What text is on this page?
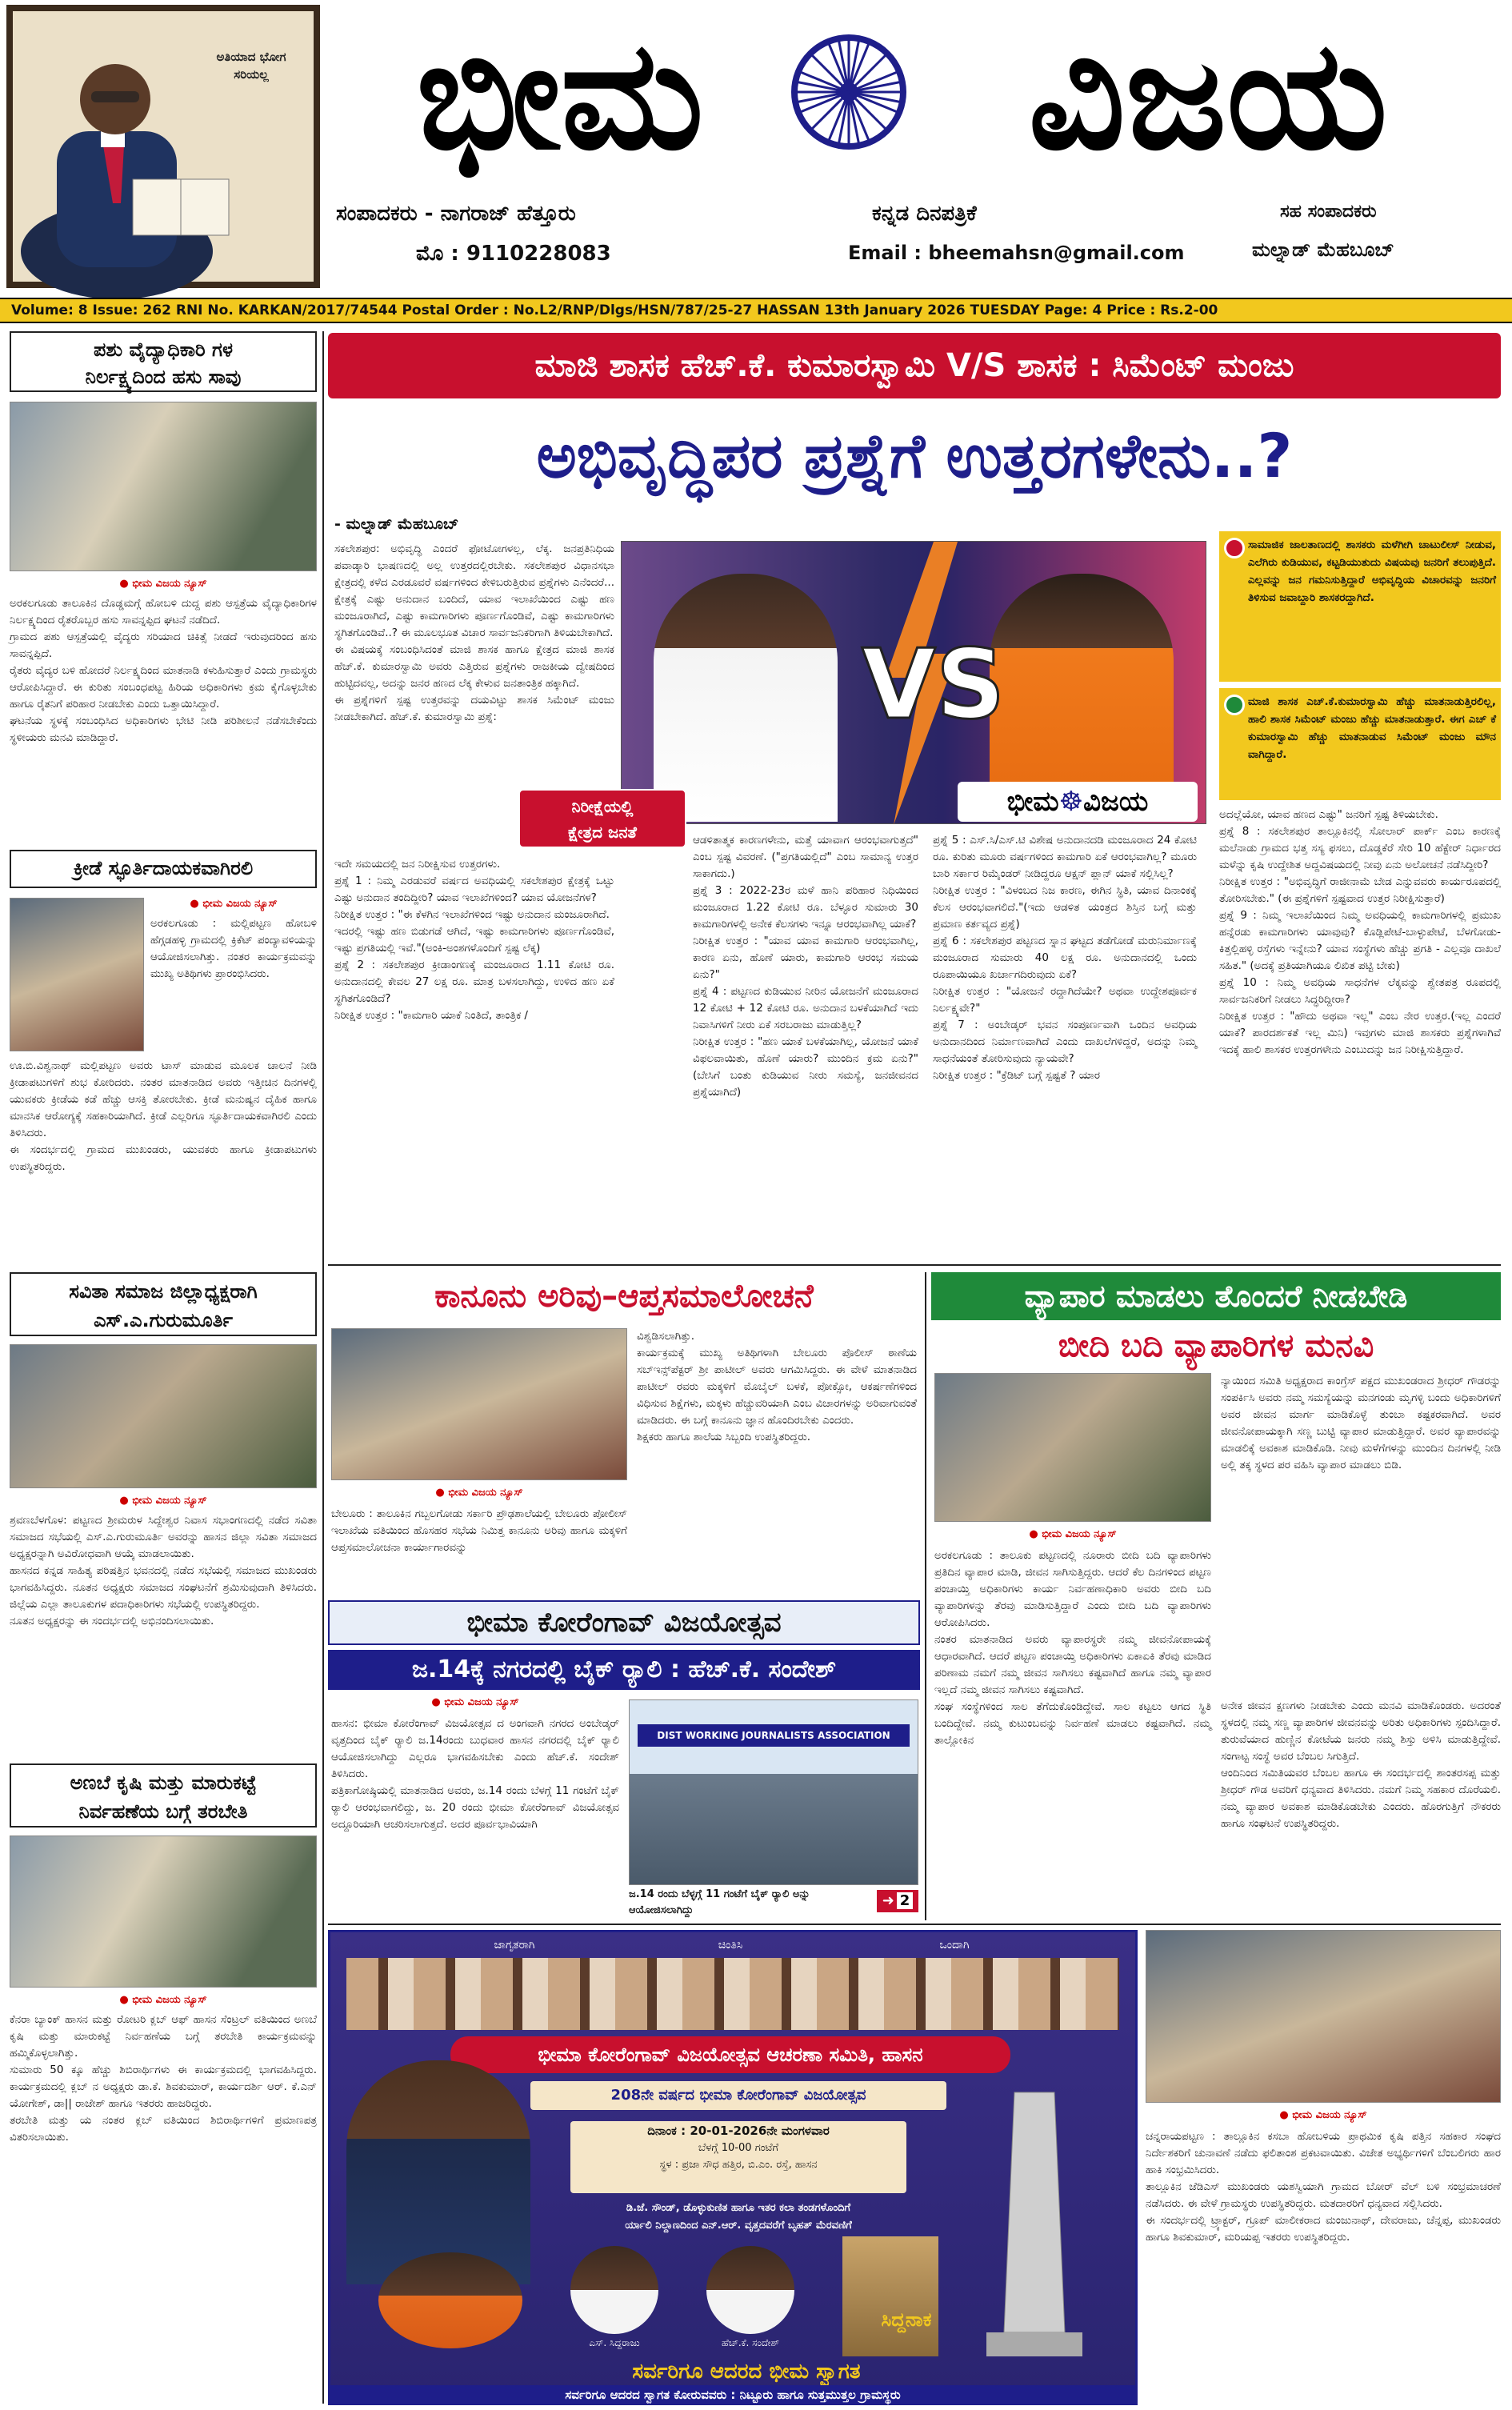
ಅತಿಯಾದ ಭೋಗ
ಸರಿಯಲ್ಲ ಭೀಮ	ವಿಜಯ
ಸಂಪಾದಕರು - ನಾಗರಾಜ್ ಹೆತ್ತೂರು
ಮೊ : 9110228083
ಕನ್ನಡ ದಿನಪತ್ರಿಕೆ
Email : bheemahsn@gmail.com
ಸಹ ಸಂಪಾದಕರು
ಮಲ್ನಾಡ್ ಮೆಹಬೂಬ್
Volume: 8 Issue: 262 RNI No. KARKAN/2017/74544 Postal Order : No.L2/RNP/Dlgs/HSN/787/25-27 HASSAN 13th January 2026 TUESDAY Page: 4 Price : Rs.2-00
ಪಶು ವೈದ್ಯಾಧಿಕಾರಿ ಗಳ
ನಿರ್ಲಕ್ಷ್ಯದಿಂದ ಹಸು ಸಾವು
● ಭೀಮ ವಿಜಯ ನ್ಯೂಸ್
ಅರಕಲಗೂಡು ತಾಲೂಕಿನ ದೊಡ್ಡಮಗ್ಗೆ ಹೋಬಳಿ ದುದ್ದ ಪಶು ಆಸ್ಪತ್ರೆಯ ವೈದ್ಯಾಧಿಕಾರಿಗಳ ನಿರ್ಲಕ್ಷ್ಯದಿಂದ ರೈತರೊಬ್ಬರ ಹಸು ಸಾವನ್ನಪ್ಪಿದ ಘಟನೆ ನಡೆದಿದೆ.
ಗ್ರಾಮದ ಪಶು ಆಸ್ಪತ್ರೆಯಲ್ಲಿ ವೈದ್ಯರು ಸರಿಯಾದ ಚಿಕಿತ್ಸೆ ನೀಡದೆ ಇರುವುದರಿಂದ ಹಸು ಸಾವನ್ನಪ್ಪಿದೆ.
ರೈತರು ವೈದ್ಯರ ಬಳಿ ಹೋದರೆ ನಿರ್ಲಕ್ಷ್ಯದಿಂದ ಮಾತನಾಡಿ ಕಳುಹಿಸುತ್ತಾರೆ ಎಂದು ಗ್ರಾಮಸ್ಥರು ಆರೋಪಿಸಿದ್ದಾರೆ. ಈ ಕುರಿತು ಸಂಬಂಧಪಟ್ಟ ಹಿರಿಯ ಅಧಿಕಾರಿಗಳು ಕ್ರಮ ಕೈಗೊಳ್ಳಬೇಕು ಹಾಗೂ ರೈತನಿಗೆ ಪರಿಹಾರ ನೀಡಬೇಕು ಎಂದು ಒತ್ತಾಯಿಸಿದ್ದಾರೆ.
ಘಟನೆಯ ಸ್ಥಳಕ್ಕೆ ಸಂಬಂಧಿಸಿದ ಅಧಿಕಾರಿಗಳು ಭೇಟಿ ನೀಡಿ ಪರಿಶೀಲನೆ ನಡೆಸಬೇಕೆಂದು ಸ್ಥಳೀಯರು ಮನವಿ ಮಾಡಿದ್ದಾರೆ.
ಕ್ರೀಡೆ ಸ್ಫೂರ್ತಿದಾಯಕವಾಗಿರಲಿ
● ಭೀಮ ವಿಜಯ ನ್ಯೂಸ್
ಅರಕಲಗೂಡು : ಮಲ್ಲಿಪಟ್ಟಣ ಹೋಬಳಿ ಹೆಗ್ಗಡಹಳ್ಳಿ ಗ್ರಾಮದಲ್ಲಿ ಕ್ರಿಕೆಟ್ ಪಂದ್ಯಾವಳಿಯನ್ನು ಆಯೋಜಿಸಲಾಗಿತ್ತು. ನಂತರ ಕಾರ್ಯಕ್ರಮವನ್ನು ಮುಖ್ಯ ಅತಿಥಿಗಳು ಪ್ರಾರಂಭಿಸಿದರು.
ಊ.ಬಿ.ವಿಶ್ವನಾಥ್ ಮಲ್ಲಿಪಟ್ಟಣ ಅವರು ಟಾಸ್ ಮಾಡುವ ಮೂಲಕ ಚಾಲನೆ ನೀಡಿ ಕ್ರೀಡಾಪಟುಗಳಿಗೆ ಶುಭ ಕೋರಿದರು. ನಂತರ ಮಾತನಾಡಿದ ಅವರು ಇತ್ತೀಚಿನ ದಿನಗಳಲ್ಲಿ ಯುವಕರು ಕ್ರೀಡೆಯ ಕಡೆ ಹೆಚ್ಚು ಆಸಕ್ತಿ ತೋರಬೇಕು. ಕ್ರೀಡೆ ಮನುಷ್ಯನ ದೈಹಿಕ ಹಾಗೂ ಮಾನಸಿಕ ಆರೋಗ್ಯಕ್ಕೆ ಸಹಕಾರಿಯಾಗಿದೆ. ಕ್ರೀಡೆ ಎಲ್ಲರಿಗೂ ಸ್ಫೂರ್ತಿದಾಯಕವಾಗಿರಲಿ ಎಂದು ತಿಳಿಸಿದರು.
ಈ ಸಂದರ್ಭದಲ್ಲಿ ಗ್ರಾಮದ ಮುಖಂಡರು, ಯುವಕರು ಹಾಗೂ ಕ್ರೀಡಾಪಟುಗಳು ಉಪಸ್ಥಿತರಿದ್ದರು.
ಸವಿತಾ ಸಮಾಜ ಜಿಲ್ಲಾಧ್ಯಕ್ಷರಾಗಿ
ಎಸ್.ಎ.ಗುರುಮೂರ್ತಿ
● ಭೀಮ ವಿಜಯ ನ್ಯೂಸ್
ಶ್ರವಣಬೆಳಗೊಳ: ಪಟ್ಟಣದ ಶ್ರೀಮರುಳ ಸಿದ್ದೇಶ್ವರ ನಿವಾಸ ಸಭಾಂಗಣದಲ್ಲಿ ನಡೆದ ಸವಿತಾ ಸಮಾಜದ ಸಭೆಯಲ್ಲಿ ಎಸ್.ಎ.ಗುರುಮೂರ್ತಿ ಅವರನ್ನು ಹಾಸನ ಜಿಲ್ಲಾ ಸವಿತಾ ಸಮಾಜದ ಅಧ್ಯಕ್ಷರನ್ನಾಗಿ ಅವಿರೋಧವಾಗಿ ಆಯ್ಕೆ ಮಾಡಲಾಯಿತು.
ಹಾಸನದ ಕನ್ನಡ ಸಾಹಿತ್ಯ ಪರಿಷತ್ತಿನ ಭವನದಲ್ಲಿ ನಡೆದ ಸಭೆಯಲ್ಲಿ ಸಮಾಜದ ಮುಖಂಡರು ಭಾಗವಹಿಸಿದ್ದರು. ನೂತನ ಅಧ್ಯಕ್ಷರು ಸಮಾಜದ ಸಂಘಟನೆಗೆ ಶ್ರಮಿಸುವುದಾಗಿ ತಿಳಿಸಿದರು. ಜಿಲ್ಲೆಯ ಎಲ್ಲಾ ತಾಲೂಕುಗಳ ಪದಾಧಿಕಾರಿಗಳು ಸಭೆಯಲ್ಲಿ ಉಪಸ್ಥಿತರಿದ್ದರು.
ನೂತನ ಅಧ್ಯಕ್ಷರನ್ನು ಈ ಸಂದರ್ಭದಲ್ಲಿ ಅಭಿನಂದಿಸಲಾಯಿತು.
ಅಣಬೆ ಕೃಷಿ ಮತ್ತು ಮಾರುಕಟ್ಟೆ
ನಿರ್ವಹಣೆಯ ಬಗ್ಗೆ ತರಬೇತಿ
● ಭೀಮ ವಿಜಯ ನ್ಯೂಸ್
ಕೆನರಾ ಬ್ಯಾಂಕ್ ಹಾಸನ ಮತ್ತು ರೋಟರಿ ಕ್ಲಬ್ ಆಫ್ ಹಾಸನ ಸೆಂಟ್ರಲ್ ವತಿಯಿಂದ ಅಣಬೆ ಕೃಷಿ ಮತ್ತು ಮಾರುಕಟ್ಟೆ ನಿರ್ವಹಣೆಯ ಬಗ್ಗೆ ತರಬೇತಿ ಕಾರ್ಯಕ್ರಮವನ್ನು ಹಮ್ಮಿಕೊಳ್ಳಲಾಗಿತ್ತು.
ಸುಮಾರು 50 ಕ್ಕೂ ಹೆಚ್ಚು ಶಿಬಿರಾರ್ಥಿಗಳು ಈ ಕಾರ್ಯಕ್ರಮದಲ್ಲಿ ಭಾಗವಹಿಸಿದ್ದರು. ಕಾರ್ಯಕ್ರಮದಲ್ಲಿ ಕ್ಲಬ್ ನ ಅಧ್ಯಕ್ಷರು ಡಾ.ಕೆ. ಶಿವಕುಮಾರ್, ಕಾರ್ಯದರ್ಶಿ ಆರ್. ಕೆ.ಎನ್ ಯೋಗೇಶ್, ಡಾ|| ರಾಜೇಶ್ ಹಾಗೂ ಇತರರು ಹಾಜರಿದ್ದರು.
ತರಬೇತಿ ಮತ್ತು ಯ ನಂತರ ಕ್ಲಬ್ ವತಿಯಿಂದ ಶಿಬಿರಾರ್ಥಿಗಳಿಗೆ ಪ್ರಮಾಣಪತ್ರ ವಿತರಿಸಲಾಯಿತು.
ಮಾಜಿ ಶಾಸಕ ಹೆಚ್.ಕೆ. ಕುಮಾರಸ್ವಾಮಿ V/S ಶಾಸಕ : ಸಿಮೆಂಟ್ ಮಂಜು
ಅಭಿವೃದ್ಧಿಪರ ಪ್ರಶ್ನೆಗೆ ಉತ್ತರಗಳೇನು..?
- ಮಲ್ನಾಡ್ ಮೆಹಬೂಬ್
ಸಕಲೇಶಪುರ: ಅಭಿವೃದ್ಧಿ ಎಂದರೆ ಫೋಟೋಗಳಲ್ಲ, ಲೆಕ್ಕ. ಜನಪ್ರತಿನಿಧಿಯ ಪವಾಡ್ಕಾರಿ ಭಾಷಣದಲ್ಲಿ ಅಲ್ಲ ಉತ್ತರದಲ್ಲಿರಬೇಕು. ಸಕಲೇಶಪುರ ವಿಧಾನಸಭಾ ಕ್ಷೇತ್ರದಲ್ಲಿ ಕಳೆದ ಎರಡೂವರೆ ವರ್ಷಗಳಿಂದ ಕೇಳಿಬರುತ್ತಿರುವ ಪ್ರಶ್ನೆಗಳು ಎನೆಂದರೆ... ಕ್ಷೇತ್ರಕ್ಕೆ ಎಷ್ಟು ಅನುದಾನ ಬಂದಿದೆ, ಯಾವ ಇಲಾಖೆಯಿಂದ ಎಷ್ಟು ಹಣ ಮಂಜೂರಾಗಿದೆ, ಎಷ್ಟು ಕಾಮಗಾರಿಗಳು ಪೂರ್ಣಗೊಂಡಿವೆ, ಎಷ್ಟು ಕಾಮಗಾರಿಗಳು ಸ್ಥಗಿತಗೊಂಡಿವೆ..? ಈ ಮೂಲಭೂತ ವಿಚಾರ ಸಾರ್ವಜನಿಕರಿಗಾಗಿ ತಿಳಿಯಬೇಕಾಗಿದೆ.
ಈ ವಿಷಯಕ್ಕೆ ಸಂಬಂಧಿಸಿದಂತೆ ಮಾಜಿ ಶಾಸಕ ಹಾಗೂ ಕ್ಷೇತ್ರದ ಮಾಜಿ ಶಾಸಕ ಹೆಚ್.ಕೆ. ಕುಮಾರಸ್ವಾಮಿ ಅವರು ಎತ್ತಿರುವ ಪ್ರಶ್ನೆಗಳು ರಾಜಕೀಯ ದ್ವೇಷದಿಂದ ಹುಟ್ಟಿದವಲ್ಲ, ಅದನ್ನು ಜನರ ಹಣದ ಲೆಕ್ಕ ಕೇಳುವ ಜನತಾಂತ್ರಿಕ ಹಕ್ಕಾಗಿದೆ.
ಈ ಪ್ರಶ್ನೆಗಳಿಗೆ ಸ್ಪಷ್ಟ ಉತ್ತರವನ್ನು ದಯವಿಟ್ಟು ಶಾಸಕ ಸಿಮೆಂಟ್ ಮಂಜು ನೀಡಬೇಕಾಗಿದೆ. ಹೆಚ್.ಕೆ. ಕುಮಾರಸ್ವಾಮಿ ಪ್ರಶ್ನೆ:	VS
ಭೀಮ☸ವಿಜಯ
ನಿರೀಕ್ಷೆಯಲ್ಲಿ
ಕ್ಷೇತ್ರದ ಜನತೆ
ಇದೇ ಸಮಯದಲ್ಲಿ ಜನ ನಿರೀಕ್ಷಿಸುವ ಉತ್ತರಗಳು.
ಪ್ರಶ್ನೆ 1 : ನಿಮ್ಮ ಎರಡುವರೆ ವರ್ಷದ ಅವಧಿಯಲ್ಲಿ ಸಕಲೇಶಪುರ ಕ್ಷೇತ್ರಕ್ಕೆ ಒಟ್ಟು ಎಷ್ಟು ಅನುದಾನ ತಂದಿದ್ದೀರಿ? ಯಾವ ಇಲಾಖೆಗಳಿಂದ? ಯಾವ ಯೋಜನೆಗಳ?
ನಿರೀಕ್ಷಿತ ಉತ್ತರ : "ಈ ಕೆಳಗಿನ ಇಲಾಖೆಗಳಿಂದ ಇಷ್ಟು ಅನುದಾನ ಮಂಜೂರಾಗಿದೆ.
ಇದರಲ್ಲಿ ಇಷ್ಟು ಹಣ ಬಿಡುಗಡೆ ಆಗಿದೆ, ಇಷ್ಟು ಕಾಮಗಾರಿಗಳು ಪೂರ್ಣಗೊಂಡಿವೆ, ಇಷ್ಟು ಪ್ರಗತಿಯಲ್ಲಿ ಇವೆ."(ಅಂಕಿ-ಅಂಶಗಳೊಂದಿಗೆ ಸ್ಪಷ್ಟ ಲೆಕ್ಕ)
ಪ್ರಶ್ನೆ 2 : ಸಕಲೇಶಪುರ ಕ್ರೀಡಾಂಗಣಕ್ಕೆ ಮಂಜೂರಾದ 1.11 ಕೋಟಿ ರೂ. ಅನುದಾನದಲ್ಲಿ ಕೇವಲ 27 ಲಕ್ಷ ರೂ. ಮಾತ್ರ ಬಳಸಲಾಗಿದ್ದು, ಉಳಿದ ಹಣ ಏಕೆ ಸ್ಥಗಿತಗೊಂಡಿದೆ?
ನಿರೀಕ್ಷಿತ ಉತ್ತರ : "ಕಾಮಗಾರಿ ಯಾಕೆ ನಿಂತಿದೆ, ತಾಂತ್ರಿಕ /
ಆಡಳಿತಾತ್ಮಕ ಕಾರಣಗಳೇನು, ಮತ್ತೆ ಯಾವಾಗ ಆರಂಭವಾಗುತ್ತದೆ" ಎಂಬ ಸ್ಪಷ್ಟ ವಿವರಣೆ. ("ಪ್ರಗತಿಯಲ್ಲಿದೆ" ಎಂಬ ಸಾಮಾನ್ಯ ಉತ್ತರ ಸಾಕಾಗದು.)
ಪ್ರಶ್ನೆ 3 : 2022-23ರ ಮಳೆ ಹಾನಿ ಪರಿಹಾರ ನಿಧಿಯಿಂದ ಮಂಜೂರಾದ 1.22 ಕೋಟಿ ರೂ. ಬೆಳ್ಳೂರ ಸುಮಾರು 30 ಕಾಮಗಾರಿಗಳಲ್ಲಿ ಅನೇಕ ಕೆಲಸಗಳು ಇನ್ನೂ ಆರಂಭವಾಗಿಲ್ಲ ಯಾಕೆ?
ನಿರೀಕ್ಷಿತ ಉತ್ತರ : "ಯಾವ ಯಾವ ಕಾಮಗಾರಿ ಆರಂಭವಾಗಿಲ್ಲ, ಕಾರಣ ಏನು, ಹೊಣೆ ಯಾರು, ಕಾಮಗಾರಿ ಆರಂಭ ಸಮಯ ಏನು?"
ಪ್ರಶ್ನೆ 4 : ಪಟ್ಟಣದ ಕುಡಿಯುವ ನೀರಿನ ಯೋಜನೆಗೆ ಮಂಜೂರಾದ 12 ಕೋಟಿ + 12 ಕೋಟಿ ರೂ. ಅನುದಾನ ಬಳಕೆಯಾಗಿದೆ ಇದು ನಿವಾಸಿಗಳಿಗೆ ನೀರು ಏಕೆ ಸರಬರಾಜು ಮಾಡುತ್ತಿಲ್ಲ?
ನಿರೀಕ್ಷಿತ ಉತ್ತರ : "ಹಣ ಯಾಕೆ ಬಳಕೆಯಾಗಿಲ್ಲ, ಯೋಜನೆ ಯಾಕೆ ವಿಫಲವಾಯಿತು, ಹೊಣೆ ಯಾರು? ಮುಂದಿನ ಕ್ರಮ ಏನು?" (ಬೇಸಿಗೆ ಬಂತು ಕುಡಿಯುವ ನೀರು ಸಮಸ್ಯೆ, ಜನಜೀವನದ ಪ್ರಶ್ನೆಯಾಗಿದೆ)
ಪ್ರಶ್ನೆ 5 : ಎಸ್.ಸಿ/ಎಸ್.ಟಿ ವಿಶೇಷ ಅನುದಾನದಡಿ ಮಂಜೂರಾದ 24 ಕೋಟಿ ರೂ. ಕುರಿತು ಮೂರು ವರ್ಷಗಳಿಂದ ಕಾಮಗಾರಿ ಏಕೆ ಆರಂಭವಾಗಿಲ್ಲ? ಮೂರು ಬಾರಿ ಸರ್ಕಾರ ರಿಮೈಂಡರ್ ನೀಡಿದ್ದರೂ ಆಕ್ಷನ್ ಪ್ಲಾನ್ ಯಾಕೆ ಸಲ್ಲಿಸಿಲ್ಲ?
ನಿರೀಕ್ಷಿತ ಉತ್ತರ : "ವಿಳಂಬದ ನಿಜ ಕಾರಣ, ಈಗಿನ ಸ್ಥಿತಿ, ಯಾವ ದಿನಾಂಕಕ್ಕೆ ಕೆಲಸ ಆರಂಭವಾಗಲಿದೆ."(ಇದು ಆಡಳಿತ ಯಂತ್ರದ ಶಿಸ್ತಿನ ಬಗ್ಗೆ ಮತ್ತು ಪ್ರಮಾಣ ಕರ್ತವ್ಯದ ಪ್ರಶ್ನೆ)
ಪ್ರಶ್ನೆ 6 : ಸಕಲೇಶಪುರ ಪಟ್ಟಣದ ಸ್ನಾನ ಘಟ್ಟದ ತಡೆಗೋಡೆ ಮರುನಿರ್ಮಾಣಕ್ಕೆ ಮಂಜೂರಾದ ಸುಮಾರು 40 ಲಕ್ಷ ರೂ. ಅನುದಾನದಲ್ಲಿ ಒಂದು ರೂಪಾಯಿಯೂ ಖರ್ಚಾಗದಿರುವುದು ಏಕೆ?
ನಿರೀಕ್ಷಿತ ಉತ್ತರ : "ಯೋಜನೆ ರದ್ದಾಗಿದೆಯೇ? ಅಥವಾ ಉದ್ದೇಶಪೂರ್ವಕ ನಿರ್ಲಕ್ಷ್ಯವೇ?"
ಪ್ರಶ್ನೆ 7 : ಅಂಬೇಡ್ಕರ್ ಭವನ ಸಂಪೂರ್ಣವಾಗಿ ಒಂದಿನ ಅವಧಿಯ ಅನುದಾನದಿಂದ ನಿರ್ಮಾಣವಾಗಿದೆ ಎಂದು ದಾಖಲೆಗಳಿದ್ದರೆ, ಅದನ್ನು ನಿಮ್ಮ ಸಾಧನೆಯಂತೆ ತೋರಿಸುವುದು ನ್ಯಾಯವೇ?
ನಿರೀಕ್ಷಿತ ಉತ್ತರ : "ಕ್ರೆಡಿಟ್ ಬಗ್ಗೆ ಸ್ಪಷ್ಟತೆ ? ಯಾರ
ಸಾಮಾಜಿಕ ಜಾಲತಾಣದಲ್ಲಿ ಶಾಸಕರು ಮಳೆಗೀಗಿ ಚಾಟುಲೀಸ್ ನೀಡುವ, ಎಲೆಗಿರು ಕುಡಿಯುವ, ಕಟ್ಟಡಿಯುತುದು ವಿಷಯವು ಜನರಿಗೆ ತಲುಪುತ್ತಿದೆ. ಎಲ್ಲವನ್ನು ಜನ ಗಮನಿಸುತ್ತಿದ್ದಾರೆ ಅಭಿವೃದ್ಧಿಯ ವಿಚಾರವನ್ನು ಜನರಿಗೆ ತಿಳಿಸುವ ಜವಾಬ್ದಾರಿ ಶಾಸಕರದ್ದಾಗಿದೆ.
ಮಾಜಿ ಶಾಸಕ ಎಚ್.ಕೆ.ಕುಮಾರಸ್ವಾಮಿ ಹೆಚ್ಚು ಮಾತನಾಡುತ್ತಿರಲಿಲ್ಲ, ಹಾಲಿ ಶಾಸಕ ಸಿಮೆಂಟ್ ಮಂಜು ಹೆಚ್ಚು ಮಾತನಾಡುತ್ತಾರೆ. ಈಗ ಎಚ್ ಕೆ ಕುಮಾರಸ್ವಾಮಿ ಹೆಚ್ಚು ಮಾತನಾಡುವ ಸಿಮೆಂಟ್ ಮಂಜು ಮೌನ ವಾಗಿದ್ದಾರೆ.
ಅದಲ್ಲೆಯೋ, ಯಾವ ಹಣದ ಎಷ್ಟು" ಜನರಿಗೆ ಸ್ಪಷ್ಟ ತಿಳಿಯಬೇಕು.
ಪ್ರಶ್ನೆ 8 : ಸಕಲೇಶಪುರ ತಾಲ್ಲೂಕಿನಲ್ಲಿ ಸೋಲಾರ್ ಪಾರ್ಕ್ ಎಂಬ ಕಾರಣಕ್ಕೆ ಮಲೆನಾಡು ಗ್ರಾಮದ ಭತ್ತ ಸಸ್ಯ ಫಸಲು, ದೊಡ್ಡಕೆರೆ ಸೇರಿ 10 ಹೆಕ್ಟೇರ್ ನಿರ್ಧಾರದ ಮಳೆನ್ನು ಕೃಷಿ ಉದ್ದೇಶಿತ ಅದ್ದವಿಷಯದಲ್ಲಿ ನೀವು ಏನು ಅಲೋಚನೆ ನಡೆಸಿದ್ದೀರಿ?
ನಿರೀಕ್ಷಿತ ಉತ್ತರ : "ಅಭಿವೃದ್ಧಿಗೆ ರಾಜೀನಾಮೆ ಬೇಡ ಎನ್ನುವವರು ಕಾರ್ಯರೂಪದಲ್ಲಿ ತೋರಿಸಬೇಕು." (ಈ ಪ್ರಶ್ನೆಗಳಿಗೆ ಸ್ಪಷ್ಟವಾದ ಉತ್ತರ ನಿರೀಕ್ಷಿಸುತ್ತಾರೆ)
ಪ್ರಶ್ನೆ 9 : ನಿಮ್ಮ ಇಲಾಖೆಯಿಂದ ನಿಮ್ಮ ಅವಧಿಯಲ್ಲಿ ಕಾಮಗಾರಿಗಳಲ್ಲಿ ಪ್ರಮುಖ ಹನ್ನೆರಡು ಕಾಮಗಾರಿಗಳು ಯಾವುವು? ಕೊಡ್ಲಿಪೇಟೆ-ಬಾಳ್ಳುಪೇಟೆ, ಬೆಳಗೋಡು-ಕಿತ್ತಲ್ಲಿಹಳ್ಳಿ ರಸ್ತೆಗಳು ಇನ್ನೇನು? ಯಾವ ಸಂಸ್ಥೆಗಳು ಹೆಚ್ಚು ಪ್ರಗತಿ - ಎಲ್ಲವೂ ದಾಖಲೆ ಸಹಿತ." (ಅದಕ್ಕೆ ಪ್ರತಿಯಾಗಿಯೂ ಲಿಖಿತ ಪಟ್ಟಿ ಬೇಕು)
ಪ್ರಶ್ನೆ 10 : ನಿಮ್ಮ ಅವಧಿಯ ಸಾಧನೆಗಳ ಲೆಕ್ಕವನ್ನು ಶ್ವೇತಪತ್ರ ರೂಪದಲ್ಲಿ ಸಾರ್ವಜನಿಕರಿಗೆ ನೀಡಲು ಸಿದ್ಧರಿದ್ದೀರಾ?
ನಿರೀಕ್ಷಿತ ಉತ್ತರ : "ಹೌದು ಅಥವಾ ಇಲ್ಲ" ಎಂಬ ನೇರ ಉತ್ತರ.(ಇಲ್ಲ ಎಂದರೆ ಯಾಕೆ? ಪಾರದರ್ಶಕತೆ ಇಲ್ಲ ಮಿನಿ) ಇವುಗಳು ಮಾಜಿ ಶಾಸಕರು ಪ್ರಶ್ನೆಗಳಾಗಿವೆ ಇದಕ್ಕೆ ಹಾಲಿ ಶಾಸಕರ ಉತ್ತರಗಳೇನು ಎಂಬುದನ್ನು ಜನ ನಿರೀಕ್ಷಿಸುತ್ತಿದ್ದಾರೆ.
ಕಾನೂನು ಅರಿವು–ಆಪ್ತಸಮಾಲೋಚನೆ
● ಭೀಮ ವಿಜಯ ನ್ಯೂಸ್
ಬೇಲೂರು : ತಾಲೂಕಿನ ಗಬ್ಬಲಗೋಡು ಸರ್ಕಾರಿ ಪ್ರೌಢಶಾಲೆಯಲ್ಲಿ ಬೇಲೂರು ಪೋಲೀಸ್ ಇಲಾಖೆಯ ವತಿಯಿಂದ ಹೊಸಹರ ಸಭೆಯ ನಿಮಿತ್ತ ಕಾನೂನು ಅರಿವು ಹಾಗೂ ಮಕ್ಕಳಿಗೆ ಆಪ್ತಸಮಾಲೋಚನಾ ಕಾರ್ಯಾಗಾರವನ್ನು
ವಿಶ್ವಡಿಸಲಾಗಿತ್ತು.
ಕಾರ್ಯಕ್ರಮಕ್ಕೆ ಮುಖ್ಯ ಅತಿಥಿಗಳಾಗಿ ಬೇಲೂರು ಪೊಲೀಸ್ ಠಾಣೆಯ ಸಬ್‌ಇನ್ಸ್‌ಪೆಕ್ಟರ್ ಶ್ರೀ ಪಾಟೀಲ್ ಅವರು ಆಗಮಿಸಿದ್ದರು. ಈ ವೇಳೆ ಮಾತನಾಡಿದ ಪಾಟೀಲ್ ರವರು ಮಕ್ಕಳಿಗೆ ಮೊಬೈಲ್ ಬಳಕೆ, ಪೋಕ್ಸೋ, ಆಕರ್ಷಣೆಗಳಿಂದ ವಿಧಿಸುವ ಶಿಕ್ಷೆಗಳು, ಮಕ್ಕಳು ಹೆಚ್ಚುವರಿಯಾಗಿ ಎಂಬ ವಿಚಾರಗಳನ್ನು ಅರಿವಾಗುವಂತೆ ಮಾಡಿದರು. ಈ ಬಗ್ಗೆ ಕಾನೂನು ಜ್ಞಾನ ಹೊಂದಿರಬೇಕು ಎಂದರು.
ಶಿಕ್ಷಕರು ಹಾಗೂ ಶಾಲೆಯ ಸಿಬ್ಬಂದಿ ಉಪಸ್ಥಿತರಿದ್ದರು.
ಭೀಮಾ ಕೋರೆಂಗಾವ್ ವಿಜಯೋತ್ಸವ
ಜ.14ಕ್ಕೆ ನಗರದಲ್ಲಿ ಬೈಕ್ ರ್‍ಯಾಲಿ : ಹೆಚ್.ಕೆ. ಸಂದೇಶ್
● ಭೀಮ ವಿಜಯ ನ್ಯೂಸ್
ಹಾಸನ: ಭೀಮಾ ಕೋರೆಂಗಾವ್ ವಿಜಯೋತ್ಸವ ದ ಅಂಗವಾಗಿ ನಗರದ ಅಂಬೇಡ್ಕರ್ ವೃತ್ತದಿಂದ ಬೈಕ್ ರ್‍ಯಾಲಿ ಜ.14ರಂದು ಬುಧವಾರ ಹಾಸನ ನಗರದಲ್ಲಿ ಬೈಕ್ ರ್‍ಯಾಲಿ ಆಯೋಜಿಸಲಾಗಿದ್ದು ಎಲ್ಲರೂ ಭಾಗವಹಿಸಬೇಕು ಎಂದು ಹೆಚ್.ಕೆ. ಸಂದೇಶ್ ತಿಳಿಸಿದರು.
ಪತ್ರಿಕಾಗೋಷ್ಠಿಯಲ್ಲಿ ಮಾತನಾಡಿದ ಅವರು, ಜ.14 ರಂದು ಬೆಳಗ್ಗೆ 11 ಗಂಟೆಗೆ ಬೈಕ್ ರ್‍ಯಾಲಿ ಆರಂಭವಾಗಲಿದ್ದು, ಜ. 20 ರಂದು ಭೀಮಾ ಕೋರೆಂಗಾವ್ ವಿಜಯೋತ್ಸವ ಅದ್ದೂರಿಯಾಗಿ ಆಚರಿಸಲಾಗುತ್ತದೆ. ಅದರ ಪೂರ್ವಭಾವಿಯಾಗಿ
DIST WORKING JOURNALISTS ASSOCIATION
ಜ.14 ರಂದು ಬೆಳ್ಳಗ್ಗೆ 11 ಗಂಟೆಗೆ ಬೈಕ್ ರ್‍ಯಾಲಿ ಅನ್ನು ಆಯೋಜಿಸಲಾಗಿದ್ದು
➜ 2
ವ್ಯಾಪಾರ ಮಾಡಲು ತೊಂದರೆ ನೀಡಬೇಡಿ
ಬೀದಿ ಬದಿ ವ್ಯಾಪಾರಿಗಳ ಮನವಿ
ನ್ಯಾಯಿಂದ ಸಮಿತಿ ಅಧ್ಯಕ್ಷರಾದ ಕಾಂಗ್ರೆಸ್ ಪಕ್ಷದ ಮುಖಂಡರಾದ ಶ್ರೀಧರ್ ಗೌಡರನ್ನು ಸಂಪರ್ಕಿಸಿ ಅವರು ನಮ್ಮ ಸಮಸ್ಯೆಯನ್ನು ಮನಗಂಡು ಮೃಗಳ್ಳಿ ಬಂದು ಅಧಿಕಾರಿಗಳಿಗೆ ಅವರ ಜೀವನ ಮಾರ್ಗ ಮಾಡಿಕೊಳ್ಳೆ ತುಂಬಾ ಕಷ್ಟಕರವಾಗಿದೆ. ಅವರ ಜೀವನೋಪಾಯಕ್ಕಾಗಿ ಸಣ್ಣ ಬುಟ್ಟಿ ವ್ಯಾಪಾರ ಮಾಡುತ್ತಿದ್ದಾರೆ. ಅವರ ವ್ಯಾಪಾರವನ್ನು ಮಾಡಲಿಕ್ಕೆ ಅವಕಾಶ ಮಾಡಿಕೊಡಿ. ನೀವು ಮಳೆಗೆಗಳನ್ನು ಮುಂದಿನ ದಿನಗಳಲ್ಲಿ ನೀಡಿ ಅಲ್ಲಿ ತಕ್ಕ ಸ್ಥಳದ ಪರ ವಹಿಸಿ ವ್ಯಾಪಾರ ಮಾಡಲು ಬಿಡಿ.
● ಭೀಮ ವಿಜಯ ನ್ಯೂಸ್
ಅರಕಲಗೂಡು : ತಾಲೂಕು ಪಟ್ಟಣದಲ್ಲಿ ನೂರಾರು ಬೀದಿ ಬದಿ ವ್ಯಾಪಾರಿಗಳು ಪ್ರತಿದಿನ ವ್ಯಾಪಾರ ಮಾಡಿ, ಜೀವನ ಸಾಗಿಸುತ್ತಿದ್ದರು. ಆದರೆ ಕೆಲ ದಿನಗಳಿಂದ ಪಟ್ಟಣ ಪಂಚಾಯ್ತಿ ಅಧಿಕಾರಿಗಳು ಕಾರ್ಯ ನಿರ್ವಹಣಾಧಿಕಾರಿ ಅವರು ಬೀದಿ ಬದಿ ವ್ಯಾಪಾರಿಗಳನ್ನು ತೆರವು ಮಾಡಿಸುತ್ತಿದ್ದಾರೆ ಎಂದು ಬೀದಿ ಬದಿ ವ್ಯಾಪಾರಿಗಳು ಆರೋಪಿಸಿದರು.
ನಂತರ ಮಾತನಾಡಿದ ಅವರು ವ್ಯಾಪಾರಸ್ಥರೇ ನಮ್ಮ ಜೀವನೋಪಾಯಕ್ಕೆ ಆಧಾರವಾಗಿದೆ. ಆದರೆ ಪಟ್ಟಣ ಪಂಚಾಯ್ತಿ ಅಧಿಕಾರಿಗಳು ಏಕಾಏಕಿ ತೆರವು ಮಾಡಿದ ಪರಿಣಾಮ ನಮಗೆ ನಮ್ಮ ಜೀವನ ಸಾಗಿಸಲು ಕಷ್ಟವಾಗಿದೆ ಹಾಗೂ ನಮ್ಮ ವ್ಯಾಪಾರ ಇಲ್ಲದೆ ನಮ್ಮ ಜೀವನ ಸಾಗಿಸಲು ಕಷ್ಟವಾಗಿದೆ.
ಸಂಘ ಸಂಸ್ಥೆಗಳಿಂದ ಸಾಲ ತೆಗೆದುಕೊಂಡಿದ್ದೇವೆ. ಸಾಲ ಕಟ್ಟಲು ಆಗದ ಸ್ಥಿತಿ ಬಂದಿದ್ದೇವೆ. ನಮ್ಮ ಕುಟುಂಬವನ್ನು ನಿರ್ವಹಣೆ ಮಾಡಲು ಕಷ್ಟವಾಗಿದೆ. ನಮ್ಮ ತಾಲ್ಲೋಕಿನ
ಅನೇಕ ಜೀವನ ಕ್ಷಣಗಳು ನೀಡಬೇಕು ಎಂದು ಮನವಿ ಮಾಡಿಕೊಂಡರು. ಅದರಂತೆ ಸ್ಥಳದಲ್ಲಿ ನಮ್ಮ ಸಣ್ಣ ವ್ಯಾಪಾರಿಗಳ ಜೀವನವನ್ನು ಅರಿತು ಅಧಿಕಾರಿಗಳು ಸ್ಪಂದಿಸಿದ್ದಾರೆ. ತುರುವೆಯಾದ ಹುಣ್ಣಿನ ಕೋಟೆಯ ಜನರು ನಮ್ಮ ಶಿಸ್ತು ಅಳಿಸಿ ಮಾಡುತ್ತಿದ್ದೇವೆ. ಸಂಗಾಟ್ಟ ಸಂಸ್ಥೆ ಅವರ ಬೆಂಬಲ ಸಿಗುತ್ತಿದೆ.
ಆಂದಿನಿಂದ ಸಮಿತಿಯವರ ಬೆಂಬಲ ಹಾಗೂ ಈ ಸಂದರ್ಭದಲ್ಲಿ ಶಾಂತರಸಪ್ಪ ಮತ್ತು ಶ್ರೀಧರ್ ಗೌಡ ಅವರಿಗೆ ಧನ್ಯವಾದ ತಿಳಿಸಿದರು. ನಮಗೆ ನಿಮ್ಮ ಸಹಕಾರ ದೊರೆಯಲಿ. ನಮ್ಮ ವ್ಯಾಪಾರ ಅವಕಾಶ ಮಾಡಿಕೊಡಬೇಕು ಎಂದರು. ಹೊರಗುತ್ತಿಗೆ ನೌಕರರು ಹಾಗೂ ಸಂಘಟನೆ ಉಪಸ್ಥಿತರಿದ್ದರು.
ಜಾಗೃತರಾಗಿ	ಚಿಂತಿಸಿ	ಒಂದಾಗಿ
ಭೀಮಾ ಕೋರೆಂಗಾವ್ ವಿಜಯೋತ್ಸವ ಆಚರಣಾ ಸಮಿತಿ, ಹಾಸನ
208ನೇ ವರ್ಷದ ಭೀಮಾ ಕೋರೆಂಗಾವ್ ವಿಜಯೋತ್ಸವ
ದಿನಾಂಕ : 20-01-2026ನೇ ಮಂಗಳವಾರ
ಬೆಳಗ್ಗೆ 10-00 ಗಂಟೆಗೆ
ಸ್ಥಳ : ಪ್ರಜಾ ಸೌಧ ಹತ್ತಿರ, ಬಿ.ಎಂ. ರಸ್ತೆ, ಹಾಸನ
ಡಿ.ಜೆ. ಸೌಂಡ್, ಡೊಳ್ಳುಕುಣಿತ ಹಾಗೂ ಇತರ ಕಲಾ ತಂಡಗಳೊಂದಿಗೆ
ರ್ಯಾಲಿ ನಿಲ್ದಾಣದಿಂದ ಎನ್.ಆರ್. ವೃತ್ತದವರೆಗೆ ಬೃಹತ್ ಮೆರವಣಿಗೆ
ಎಸ್. ಸಿದ್ದರಾಜು	ಹೆಚ್.ಕೆ. ಸಂದೇಶ್
ಸಿದ್ದನಾಕ
ಸರ್ವರಿಗೂ ಆದರದ ಭೀಮ ಸ್ವಾಗತ
ಸರ್ವರಿಗೂ ಆದರದ ಸ್ವಾಗತ ಕೋರುವವರು : ನಿಟ್ಟೂರು ಹಾಗೂ ಸುತ್ತಮುತ್ತಲ ಗ್ರಾಮಸ್ಥರು
● ಭೀಮ ವಿಜಯ ನ್ಯೂಸ್
ಚನ್ನರಾಯಪಟ್ಟಣ : ತಾಲ್ಲೂಕಿನ ಕಸಬಾ ಹೋಬಳಿಯ ಪ್ರಾಥಮಿಕ ಕೃಷಿ ಪತ್ತಿನ ಸಹಕಾರ ಸಂಘದ ನಿರ್ದೇಶಕರಿಗೆ ಚುನಾವಣೆ ನಡೆದು ಫಲಿತಾಂಶ ಪ್ರಕಟವಾಯಿತು. ವಿಜೇತ ಅಭ್ಯರ್ಥಿಗಳಿಗೆ ಬೆಂಬಲಿಗರು ಹಾರ ಹಾಕಿ ಸಂಭ್ರಮಿಸಿದರು.
ತಾಲ್ಲೂಕಿನ ಜೆಡಿಎಸ್ ಮುಖಂಡರು ಯಶಸ್ವಿಯಾಗಿ ಗ್ರಾಮದ ಬೋರ್ ವೆಲ್ ಬಳಿ ಸಂಭ್ರಮಾಚರಣೆ ನಡೆಸಿದರು. ಈ ವೇಳೆ ಗ್ರಾಮಸ್ಥರು ಉಪಸ್ಥಿತರಿದ್ದರು. ಮತದಾರರಿಗೆ ಧನ್ಯವಾದ ಸಲ್ಲಿಸಿದರು.
ಈ ಸಂದರ್ಭದಲ್ಲಿ ಟ್ರ್ಯಾಕ್ಟರ್, ಗ್ರೂಪ್ ಮಾಲೀಕರಾದ ಮಂಜುನಾಥ್, ದೇವರಾಜು, ಚೆನ್ನಪ್ಪ, ಮುಖಂಡರು ಹಾಗೂ ಶಿವಕುಮಾರ್, ಮರಿಯಪ್ಪ ಇತರರು ಉಪಸ್ಥಿತರಿದ್ದರು.
